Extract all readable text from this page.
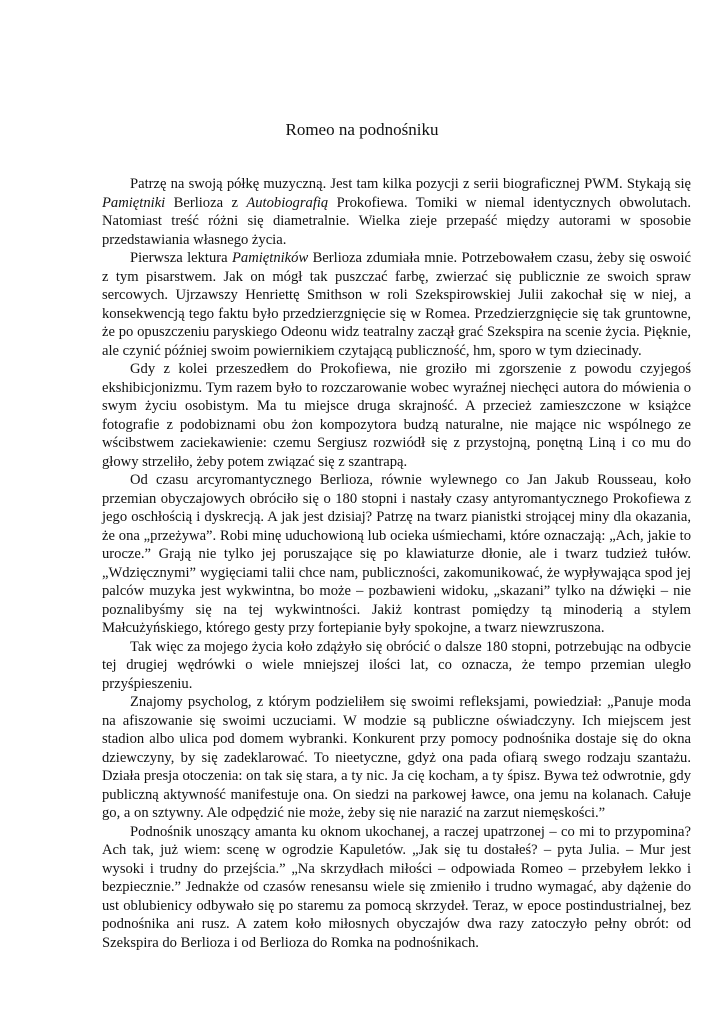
Romeo na podnośniku

Patrzę na swoją półkę muzyczną. Jest tam kilka pozycji z serii biograficznej PWM. Stykają się Pamiętniki Berlioza z Autobiografią Prokofiewa. Tomiki w niemal identycznych obwolutach. Natomiast treść różni się diametralnie. Wielka zieje przepaść między autorami w sposobie przedstawiania własnego życia.

Pierwsza lektura Pamiętników Berlioza zdumiała mnie. Potrzebowałem czasu, żeby się oswoić z tym pisarstwem. Jak on mógł tak puszczać farbę, zwierzać się publicznie ze swoich spraw sercowych. Ujrzawszy Henriettę Smithson w roli Szekspirowskiej Julii zakochał się w niej, a konsekwencją tego faktu było przedzierzgnięcie się w Romea. Przedzierzgnięcie się tak gruntowne, że po opuszczeniu paryskiego Odeonu widz teatralny zaczął grać Szekspira na scenie życia. Pięknie, ale czynić później swoim powiernikiem czytającą publiczność, hm, sporo w tym dziecinady.

Gdy z kolei przeszedłem do Prokofiewa, nie groziło mi zgorszenie z powodu czyjegoś ekshibicjonizmu. Tym razem było to rozczarowanie wobec wyraźnej niechęci autora do mówienia o swym życiu osobistym. Ma tu miejsce druga skrajność. A przecież zamieszczone w książce fotografie z podobiznami obu żon kompozytora budzą naturalne, nie mające nic wspólnego ze wścibstwem zaciekawienie: czemu Sergiusz rozwiódł się z przystojną, ponętną Liną i co mu do głowy strzeliło, żeby potem związać się z szantrapą.

Od czasu arcyromantycznego Berlioza, równie wylewnego co Jan Jakub Rousseau, koło przemian obyczajowych obróciło się o 180 stopni i nastały czasy antyromantycznego Prokofiewa z jego oschłością i dyskrecją. A jak jest dzisiaj? Patrzę na twarz pianistki strojącej miny dla okazania, że ona „przeżywa”. Robi minę uduchowioną lub ocieka uśmiechami, które oznaczają: „Ach, jakie to urocze.” Grają nie tylko jej poruszające się po klawiaturze dłonie, ale i twarz tudzież tułów. „Wdzięcznymi” wygięciami talii chce nam, publiczności, zakomunikować, że wypływająca spod jej palców muzyka jest wykwintna, bo może – pozbawieni widoku, „skazani” tylko na dźwięki – nie poznalibyśmy się na tej wykwintności. Jakiż kontrast pomiędzy tą minoderią a stylem Małcużyńskiego, którego gesty przy fortepianie były spokojne, a twarz niewzruszona.

Tak więc za mojego życia koło zdążyło się obrócić o dalsze 180 stopni, potrzebując na odbycie tej drugiej wędrówki o wiele mniejszej ilości lat, co oznacza, że tempo przemian uległo przyśpieszeniu.

Znajomy psycholog, z którym podzieliłem się swoimi refleksjami, powiedział: „Panuje moda na afiszowanie się swoimi uczuciami. W modzie są publiczne oświadczyny. Ich miejscem jest stadion albo ulica pod domem wybranki. Konkurent przy pomocy podnośnika dostaje się do okna dziewczyny, by się zadeklarować. To nieetyczne, gdyż ona pada ofiarą swego rodzaju szantażu. Działa presja otoczenia: on tak się stara, a ty nic. Ja cię kocham, a ty śpisz. Bywa też odwrotnie, gdy publiczną aktywność manifestuje ona. On siedzi na parkowej ławce, ona jemu na kolanach. Całuje go, a on sztywny. Ale odpędzić nie może, żeby się nie narazić na zarzut niemęskości.”

Podnośnik unoszący amanta ku oknom ukochanej, a raczej upatrzonej – co mi to przypomina? Ach tak, już wiem: scenę w ogrodzie Kapuletów. „Jak się tu dostałeś? – pyta Julia. – Mur jest wysoki i trudny do przejścia.” „Na skrzydłach miłości – odpowiada Romeo – przebyłem lekko i bezpiecznie.” Jednakże od czasów renesansu wiele się zmieniło i trudno wymagać, aby dążenie do ust oblubienicy odbywało się po staremu za pomocą skrzydeł. Teraz, w epoce postindustrialnej, bez podnośnika ani rusz. A zatem koło miłosnych obyczajów dwa razy zatoczyło pełny obrót: od Szekspira do Berlioza i od Berlioza do Romka na podnośnikach.
